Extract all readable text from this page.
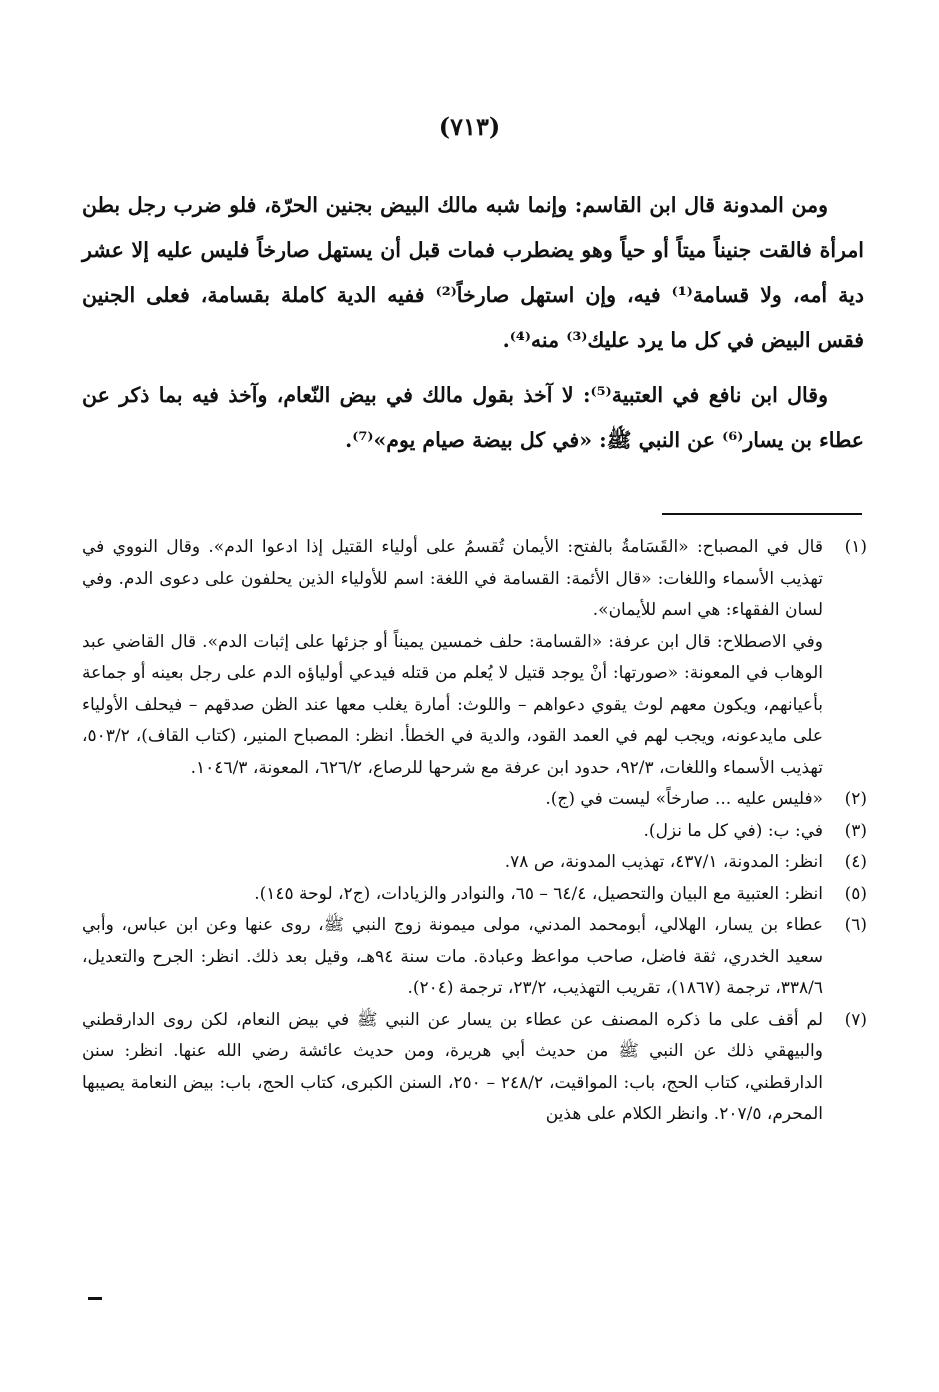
(٧١٣)

ومن المدونة قال ابن القاسم: وإنما شبه مالك البيض بجنين الحرّة، فلو ضرب رجل بطن امرأة فالقت جنيناً ميتاً أو حياً وهو يضطرب فمات قبل أن يستهل صارخاً فليس عليه إلا عشر دية أمه، ولا قسامة⁽¹⁾ فيه، وإن استهل صارخاً⁽²⁾ ففيه الدية كاملة بقسامة، فعلى الجنين فقس البيض في كل ما يرد عليك⁽³⁾ منه⁽⁴⁾.

وقال ابن نافع في العتبية⁽⁵⁾: لا آخذ بقول مالك في بيض النّعام، وآخذ فيه بما ذكر عن عطاء بن يسار⁽⁶⁾ عن النبي ﷺ: «في كل بيضة صيام يوم»⁽⁷⁾.

(١)
قال في المصباح: «القَسَامةُ بالفتح: الأيمان تُقسمُ على أولياء القتيل إذا ادعوا الدم». وقال النووي في تهذيب الأسماء واللغات: «قال الأئمة: القسامة في اللغة: اسم للأولياء الذين يحلفون على دعوى الدم. وفي لسان الفقهاء: هي اسم للأيمان».
وفي الاصطلاح: قال ابن عرفة: «القسامة: حلف خمسين يميناً أو جزئها على إثبات الدم». قال القاضي عبد الوهاب في المعونة: «صورتها: أنْ يوجد قتيل لا يُعلم من قتله فيدعي أولياؤه الدم على رجل بعينه أو جماعة بأعيانهم، ويكون معهم لوث يقوي دعواهم – واللوث: أمارة يغلب معها عند الظن صدقهم – فيحلف الأولياء على مايدعونه، ويجب لهم في العمد القود، والدية في الخطأ. انظر: المصباح المنير، (كتاب القاف)، ٥٠٣/٢، تهذيب الأسماء واللغات، ٩٢/٣، حدود ابن عرفة مع شرحها للرصاع، ٦٢٦/٢، المعونة، ١٠٤٦/٣.
(٢)
«فليس عليه ... صارخاً» ليست في (ج).
(٣)
في: ب: (في كل ما نزل).
(٤)
انظر: المدونة، ٤٣٧/١، تهذيب المدونة، ص ٧٨.
(٥)
انظر: العتبية مع البيان والتحصيل، ٦٤/٤ – ٦٥، والنوادر والزيادات، (ج٢، لوحة ١٤٥).
(٦)
عطاء بن يسار، الهلالي، أبومحمد المدني، مولى ميمونة زوج النبي ﷺ، روى عنها وعن ابن عباس، وأبي سعيد الخدري، ثقة فاضل، صاحب مواعظ وعبادة. مات سنة ٩٤هـ، وقيل بعد ذلك. انظر: الجرح والتعديل، ٣٣٨/٦، ترجمة (١٨٦٧)، تقريب التهذيب، ٢٣/٢، ترجمة (٢٠٤).
(٧)
لم أقف على ما ذكره المصنف عن عطاء بن يسار عن النبي ﷺ في بيض النعام، لكن روى الدارقطني والبيهقي ذلك عن النبي ﷺ من حديث أبي هريرة، ومن حديث عائشة رضي الله عنها. انظر: سنن الدارقطني، كتاب الحج، باب: المواقيت، ٢٤٨/٢ – ٢٥٠، السنن الكبرى، كتاب الحج، باب: بيض النعامة يصيبها المحرم، ٢٠٧/٥. وانظر الكلام على هذين
